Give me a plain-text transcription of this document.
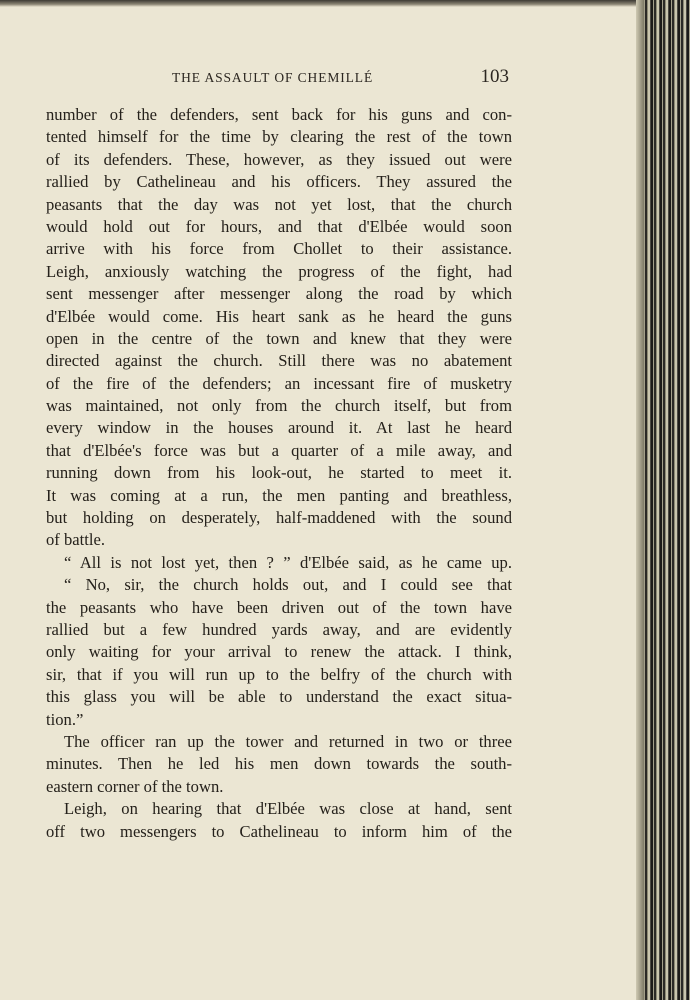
THE ASSAULT OF CHEMILLÉ	103
number of the defenders, sent back for his guns and con-
tented himself for the time by clearing the rest of the town
of its defenders. These, however, as they issued out were
rallied by Cathelineau and his officers. They assured the
peasants that the day was not yet lost, that the church
would hold out for hours, and that d'Elbée would soon
arrive with his force from Chollet to their assistance.
Leigh, anxiously watching the progress of the fight, had
sent messenger after messenger along the road by which
d'Elbée would come. His heart sank as he heard the guns
open in the centre of the town and knew that they were
directed against the church. Still there was no abatement
of the fire of the defenders; an incessant fire of musketry
was maintained, not only from the church itself, but from
every window in the houses around it. At last he heard
that d'Elbée's force was but a quarter of a mile away, and
running down from his look-out, he started to meet it.
It was coming at a run, the men panting and breathless,
but holding on desperately, half-maddened with the sound
of battle.
“ All is not lost yet, then ? ” d'Elbée said, as he came up.
“ No, sir, the church holds out, and I could see that
the peasants who have been driven out of the town have
rallied but a few hundred yards away, and are evidently
only waiting for your arrival to renew the attack. I think,
sir, that if you will run up to the belfry of the church with
this glass you will be able to understand the exact situa-
tion.”
The officer ran up the tower and returned in two or three
minutes. Then he led his men down towards the south-
eastern corner of the town.
Leigh, on hearing that d'Elbée was close at hand, sent
off two messengers to Cathelineau to inform him of the
